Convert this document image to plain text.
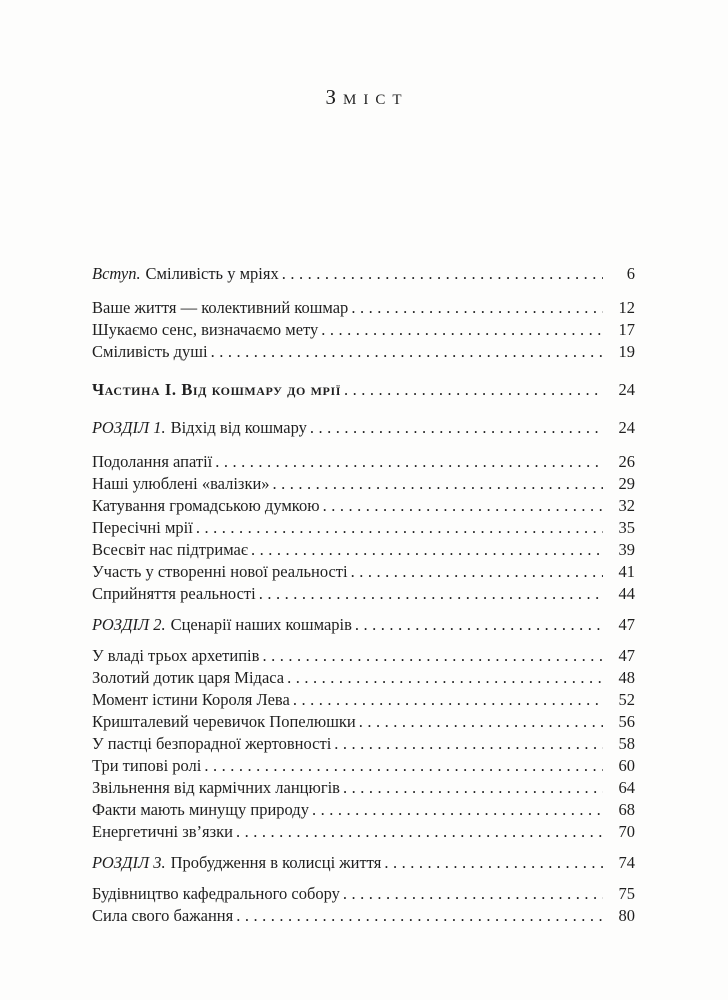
Зміст
Вступ. Сміливість у мріях .....	6
Ваше життя — колективний кошмар .....	12
Шукаємо сенс, визначаємо мету .....	17
Сміливість душі .....	19
Частина І. Від кошмару до мрії .....	24
РОЗДІЛ 1. Відхід від кошмару .....	24
Подолання апатії .....	26
Наші улюблені «валізки» .....	29
Катування громадською думкою .....	32
Пересічні мрії .....	35
Всесвіт нас підтримає .....	39
Участь у створенні нової реальності .....	41
Сприйняття реальності .....	44
РОЗДІЛ 2. Сценарії наших кошмарів .....	47
У владі трьох архетипів .....	47
Золотий дотик царя Мідаса .....	48
Момент істини Короля Лева .....	52
Кришталевий черевичок Попелюшки .....	56
У пастці безпорадної жертовності .....	58
Три типові ролі .....	60
Звільнення від кармічних ланцюгів .....	64
Факти мають минущу природу .....	68
Енергетичні зв’язки .....	70
РОЗДІЛ 3. Пробудження в колисці життя .....	74
Будівництво кафедрального собору .....	75
Сила свого бажання .....	80
